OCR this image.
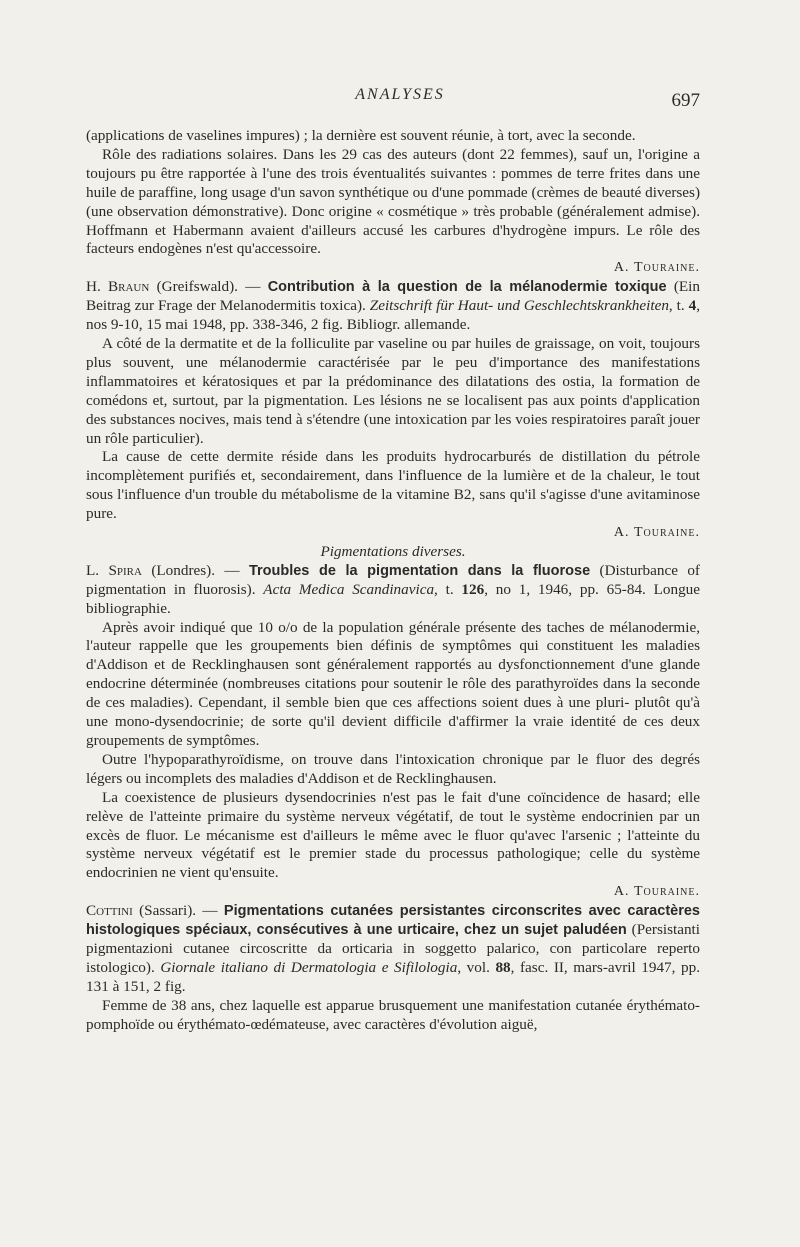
ANALYSES	697

(applications de vaselines impures) ; la dernière est souvent réunie, à tort, avec la seconde.

Rôle des radiations solaires. Dans les 29 cas des auteurs (dont 22 femmes), sauf un, l'origine a toujours pu être rapportée à l'une des trois éventualités suivantes : pommes de terre frites dans une huile de paraffine, long usage d'un savon synthétique ou d'une pommade (crèmes de beauté diverses) (une observation démonstrative). Donc origine « cosmétique » très probable (généralement admise). Hoffmann et Habermann avaient d'ailleurs accusé les carbures d'hydrogène impurs. Le rôle des facteurs endogènes n'est qu'accessoire.

A. Touraine.

H. Braun (Greifswald). — Contribution à la question de la mélanodermie toxique (Ein Beitrag zur Frage der Melanodermitis toxica). Zeitschrift für Haut- und Geschlechtskrankheiten, t. 4, nos 9-10, 15 mai 1948, pp. 338-346, 2 fig. Bibliogr. allemande.

A côté de la dermatite et de la folliculite par vaseline ou par huiles de graissage, on voit, toujours plus souvent, une mélanodermie caractérisée par le peu d'importance des manifestations inflammatoires et kératosiques et par la prédominance des dilatations des ostia, la formation de comédons et, surtout, par la pigmentation. Les lésions ne se localisent pas aux points d'application des substances nocives, mais tend à s'étendre (une intoxication par les voies respiratoires paraît jouer un rôle particulier).

La cause de cette dermite réside dans les produits hydrocarburés de distillation du pétrole incomplètement purifiés et, secondairement, dans l'influence de la lumière et de la chaleur, le tout sous l'influence d'un trouble du métabolisme de la vitamine B2, sans qu'il s'agisse d'une avitaminose pure.

A. Touraine.

Pigmentations diverses.

L. Spira (Londres). — Troubles de la pigmentation dans la fluorose (Disturbance of pigmentation in fluorosis). Acta Medica Scandinavica, t. 126, no 1, 1946, pp. 65-84. Longue bibliographie.

Après avoir indiqué que 10 o/o de la population générale présente des taches de mélanodermie, l'auteur rappelle que les groupements bien définis de symptômes qui constituent les maladies d'Addison et de Recklinghausen sont généralement rapportés au dysfonctionnement d'une glande endocrine déterminée (nombreuses citations pour soutenir le rôle des parathyroïdes dans la seconde de ces maladies). Cependant, il semble bien que ces affections soient dues à une pluri- plutôt qu'à une mono-dysendocrinie; de sorte qu'il devient difficile d'affirmer la vraie identité de ces deux groupements de symptômes.

Outre l'hypoparathyroïdisme, on trouve dans l'intoxication chronique par le fluor des degrés légers ou incomplets des maladies d'Addison et de Recklinghausen.

La coexistence de plusieurs dysendocrinies n'est pas le fait d'une coïncidence de hasard; elle relève de l'atteinte primaire du système nerveux végétatif, de tout le système endocrinien par un excès de fluor. Le mécanisme est d'ailleurs le même avec le fluor qu'avec l'arsenic ; l'atteinte du système nerveux végétatif est le premier stade du processus pathologique; celle du système endocrinien ne vient qu'ensuite.

A. Touraine.

Cottini (Sassari). — Pigmentations cutanées persistantes circonscrites avec caractères histologiques spéciaux, consécutives à une urticaire, chez un sujet paludéen (Persistanti pigmentazioni cutanee circoscritte da orticaria in soggetto palarico, con particolare reperto istologico). Giornale italiano di Dermatologia e Sifilologia, vol. 88, fasc. II, mars-avril 1947, pp. 131 à 151, 2 fig.

Femme de 38 ans, chez laquelle est apparue brusquement une manifestation cutanée érythémato-pomphoïde ou érythémato-œdémateuse, avec caractères d'évolution aiguë,
